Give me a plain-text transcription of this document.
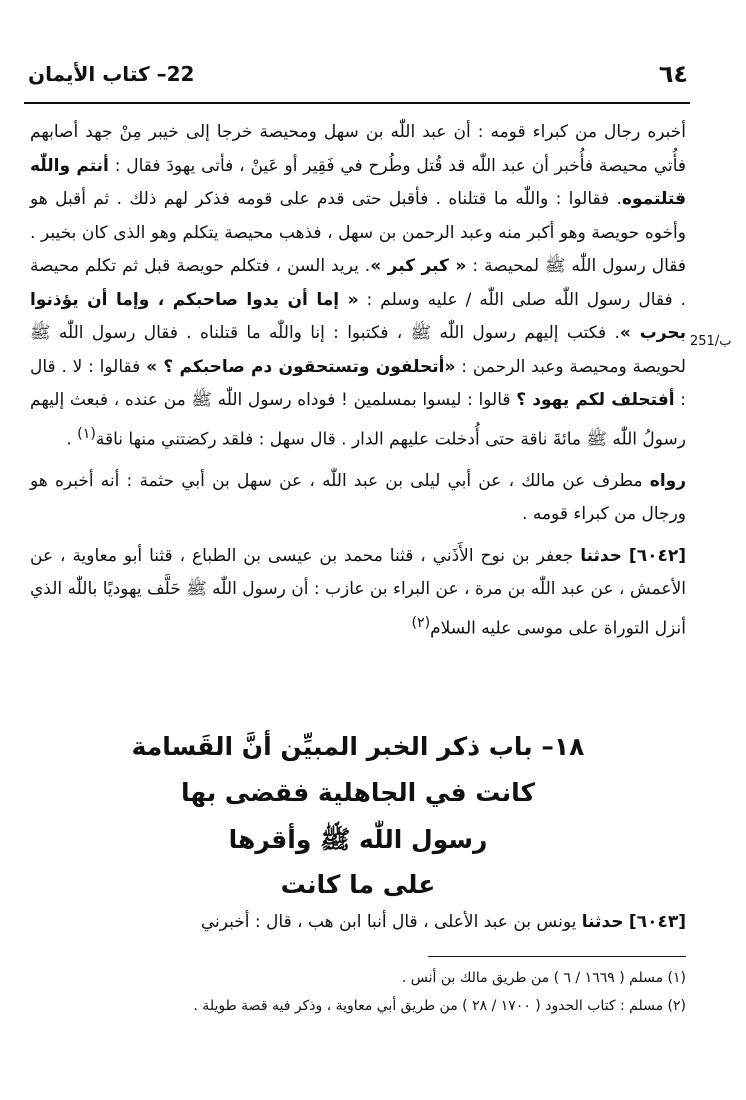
٦٤
22– كتاب الأيمان
251/ب

أخبره رجال من كبراء قومه : أن عبد اللّٰه بن سهل ومحيصة خرجا إلى خيبر مِنْ جهد أصابهم فأُتي محيصة فأُخبر أن عبد اللّٰه قد قُتل وطُرح في فَقِير أو عَينْ ، فأتى يهودَ فقال : أنتم واللّٰه قتلتموه. فقالوا : واللّٰه ما قتلناه . فأقبل حتى قدم على قومه فذكر لهم ذلك . ثم أقبل هو وأخوه حويصة وهو أكبر منه وعبد الرحمن بن سهل ، فذهب محيصة يتكلم وهو الذى كان بخيبر . فقال رسول اللّٰه ﷺ لمحيصة : « كبر كبر ». يريد السن ، فتكلم حويصة قبل ثم تكلم محيصة . فقال رسول اللّٰه صلى اللّٰه / عليه وسلم : « إما أن يدوا صاحبكم ، وإما أن يؤذنوا بحرب ». فكتب إليهم رسول اللّٰه ﷺ ، فكتبوا : إنا واللّٰه ما قتلناه . فقال رسول اللّٰه ﷺ لحويصة ومحيصة وعبد الرحمن : «أتحلفون وتستحقون دم صاحبكم ؟ » فقالوا : لا . قال : أفتحلف لكم يهود ؟ قالوا : ليسوا بمسلمين ! فوداه رسول اللّٰه ﷺ من عنده ، فبعث إليهم رسولُ اللّٰه ﷺ مائةَ ناقة حتى أُدخلت عليهم الدار . قال سهل : فلقد ركضتني منها ناقة$^{(١)}$ .

رواه مطرف عن مالك ، عن أبي ليلى بن عبد اللّٰه ، عن سهل بن أبي حثمة : أنه أخبره هو ورجال من كبراء قومه .

[٦٠٤٢] حدثنا جعفر بن نوح الأَذَني ، قثنا محمد بن عيسى بن الطباع ، قثنا أبو معاوية ، عن الأعمش ، عن عبد اللّٰه بن مرة ، عن البراء بن عازب : أن رسول اللّٰه ﷺ حَلَّف يهوديًا باللّٰه الذي أنزل التوراة على موسى عليه السلام$^{(٢)}$

١٨– باب ذكر الخبر المبيِّن أنَّ القَسامة
كانت في الجاهلية فقضى بها
رسول اللّٰه ﷺ وأقرها
على ما كانت
[٦٠٤٣] حدثنا يونس بن عبد الأعلى ، قال أنبا ابن هب ، قال : أخبرني

(١) مسلم ( ١٦٦٩ / ٦ ) من طريق مالك بن أنس .

(٢) مسلم : كتاب الحدود ( ١٧٠٠ / ٢٨ ) من طريق أبي معاوية ، وذكر فيه قصة طويلة .
